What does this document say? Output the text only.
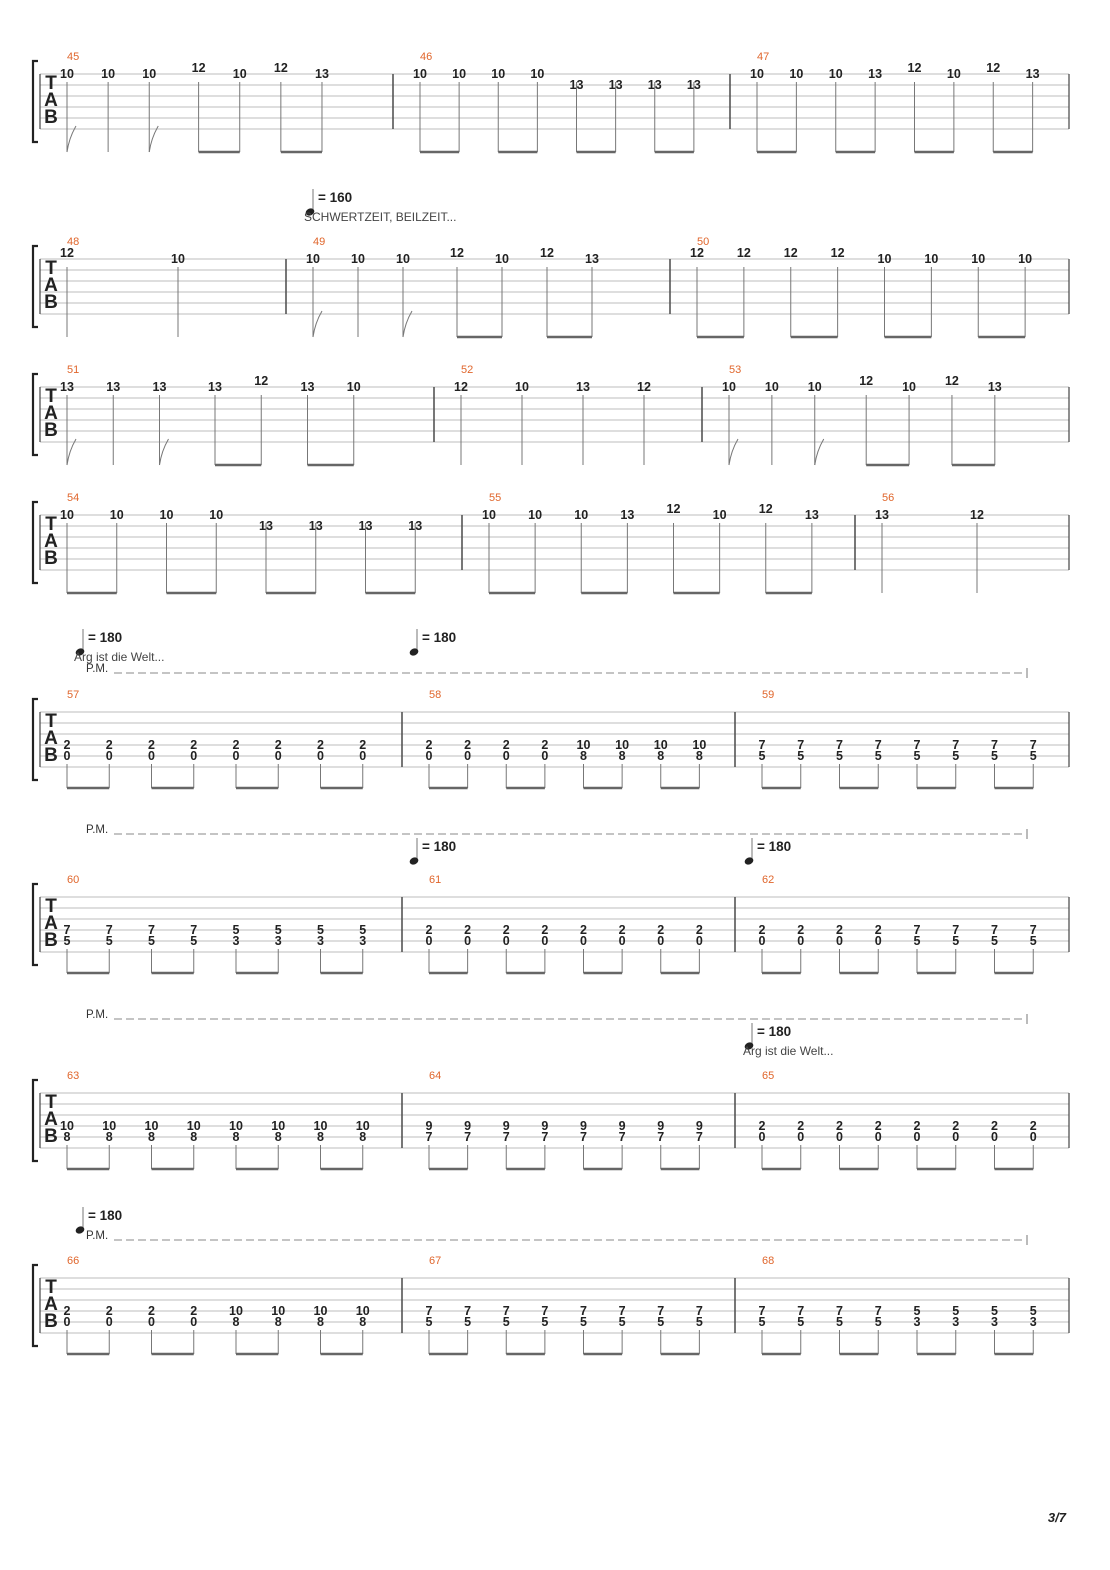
T
A
B
45
10 10 10	12 10 12 13
46
10 10 10 10
13 13 13 13
47
10 10 10 13 12 10 12 13
T
A
B
48
12	10
49
10 10 10	12 10 12 13
50
12	12	12	12	10	10	10	10
= 160
SCHWERTZEIT, BEILZEIT...
T
A
B
51
13	13	13	13	12	13	10
52
12	10	13	12
53
10 10 10	12 10 12 13
T
A
B
54
10	10	10	10
13	13	13	13
55
10	10	10	13	12	10	12	13
56
13	12
T
A
B
57
2
0
2
0
2
0
2
0
2
0
2
0
2
0
2
0
58
2
0
2
0
2
0
2
0
10
8
10
8
10
8
10
8
59
7
5
7
5
7
5
7
5
7
5
7
5
7
5
7
5
= 180
Arg ist die Welt...
= 180
P.M.
T
A
B
60
7
5
7
5
7
5
7
5
5
3
5
3
5
3
5
3
61
2
0
2
0
2
0
2
0
2
0
2
0
2
0
2
0
62
2
0
2
0
2
0
2
0
7
5
7
5
7
5
7
5
= 180	= 180
P.M.
T
A
B
63
10
8
10
8
10
8
10
8
10
8
10
8
10
8
10
8
64
9
7
9
7
9
7
9
7
9
7
9
7
9
7
9
7
65
2
0
2
0
2
0
2
0
2
0
2
0
2
0
2
0
= 180
Arg ist die Welt...
P.M.
T
A
B
66
2
0
2
0
2
0
2
0
10
8
10
8
10
8
10
8
67
7
5
7
5
7
5
7
5
7
5
7
5
7
5
7
5
68
7
5
7
5
7
5
7
5
5
3
5
3
5
3
5
3
= 180
P.M.
3/7
